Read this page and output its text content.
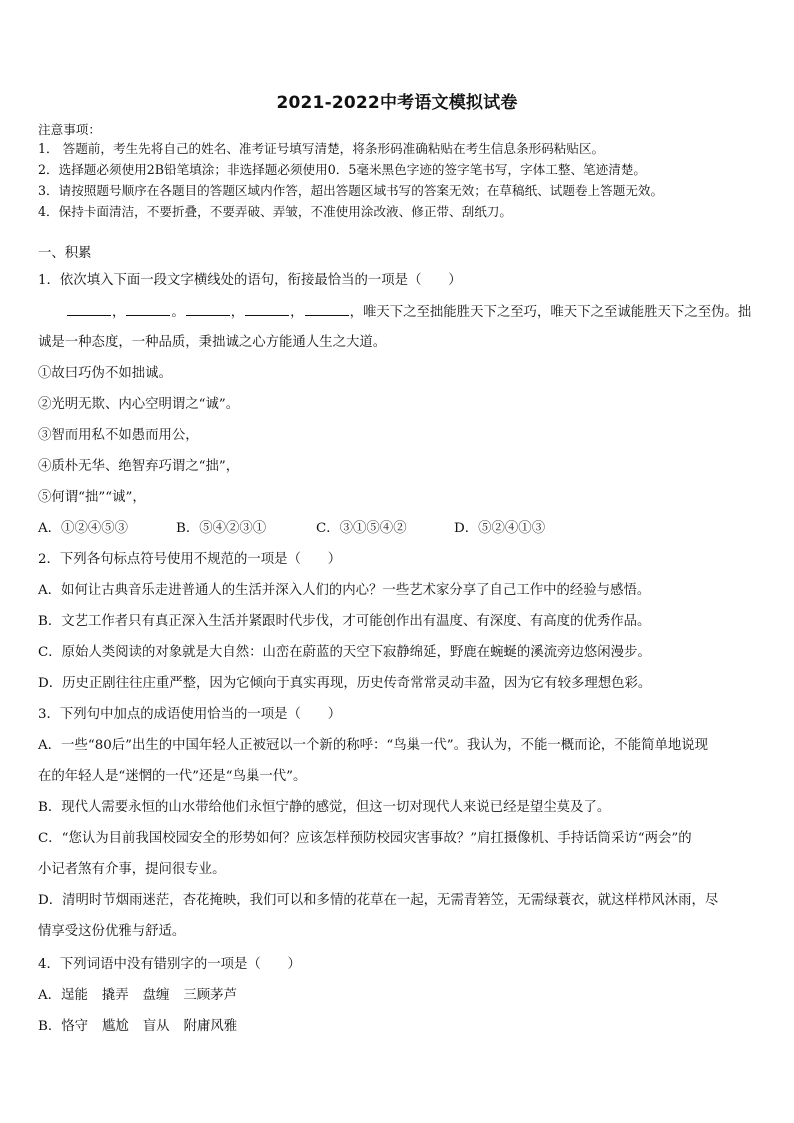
2021-2022中考语文模拟试卷
注意事项：
1． 答题前，考生先将自己的姓名、准考证号填写清楚，将条形码准确粘贴在考生信息条形码粘贴区。
2．选择题必须使用2B铅笔填涂；非选择题必须使用0．5毫米黑色字迹的签字笔书写，字体工整、笔迹清楚。
3．请按照题号顺序在各题目的答题区域内作答，超出答题区域书写的答案无效；在草稿纸、试题卷上答题无效。
4．保持卡面清洁，不要折叠，不要弄破、弄皱，不准使用涂改液、修正带、刮纸刀。
一、积累
1．依次填入下面一段文字横线处的语句，衔接最恰当的一项是（　　）
，	。	，	，	，唯天下之至拙能胜天下之至巧，唯天下之至诚能胜天下之至伪。拙
诚是一种态度，一种品质，秉拙诚之心方能通人生之大道。
①故曰巧伪不如拙诚。
②光明无欺、内心空明谓之“诚”。
③智而用私不如愚而用公，
④质朴无华、绝智弃巧谓之“拙”，
⑤何谓“拙”“诚”，
A．①②④⑤③	B．⑤④②③①	C．③①⑤④②	D．⑤②④①③
2．下列各句标点符号使用不规范的一项是（　　）
A．如何让古典音乐走进普通人的生活并深入人们的内心？一些艺术家分享了自己工作中的经验与感悟。
B．文艺工作者只有真正深入生活并紧跟时代步伐，才可能创作出有温度、有深度、有高度的优秀作品。
C．原始人类阅读的对象就是大自然：山峦在蔚蓝的天空下寂静绵延，野鹿在蜿蜒的溪流旁边悠闲漫步。
D．历史正剧往往庄重严整，因为它倾向于真实再现，历史传奇常常灵动丰盈，因为它有较多理想色彩。
3．下列句中加点的成语使用恰当的一项是（　　）
A．一些“80后”出生的中国年轻人正被冠以一个新的称呼：“鸟巢一代”。我认为，不能一概而论，不能简单地说现
在的年轻人是“迷惘的一代”还是“鸟巢一代”。
B．现代人需要永恒的山水带给他们永恒宁静的感觉，但这一切对现代人来说已经是望尘莫及了。
C．“您认为目前我国校园安全的形势如何？应该怎样预防校园灾害事故？”肩扛摄像机、手持话筒采访“两会”的
小记者煞有介事，提问很专业。
D．清明时节烟雨迷茫，杏花掩映，我们可以和多情的花草在一起，无需青箬笠，无需绿蓑衣，就这样栉风沐雨，尽
情享受这份优雅与舒适。
4．下列词语中没有错别字的一项是（　　）
A．逞能 撬弄 盘缠 三顾茅芦
B．恪守 尴尬 盲从 附庸风雅
